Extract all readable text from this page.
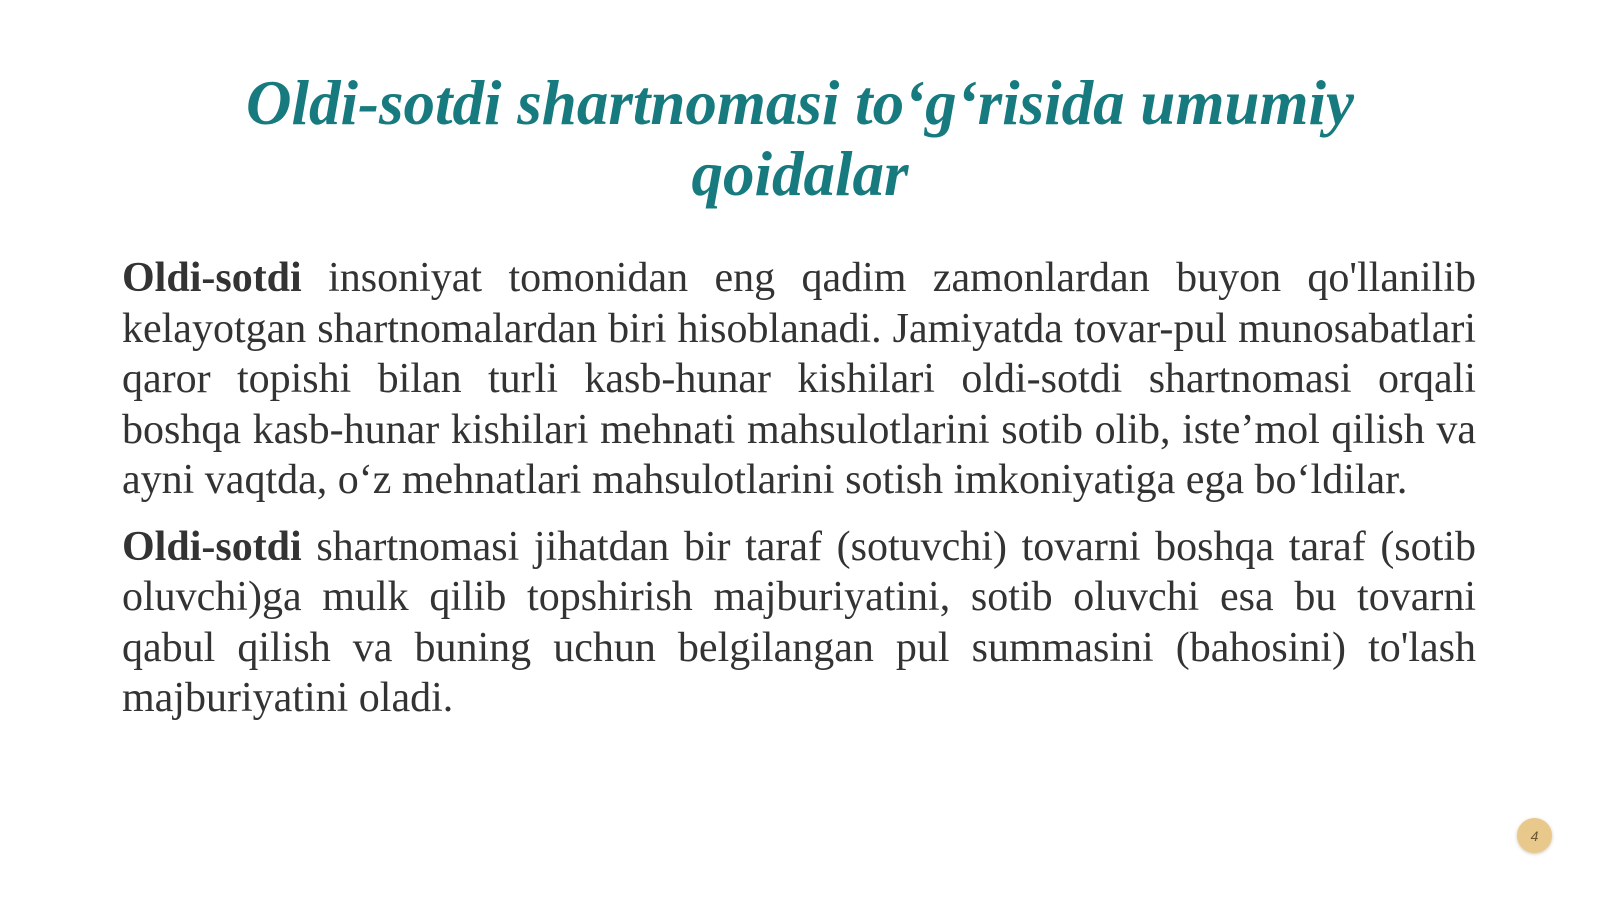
Oldi-sotdi shartnomasi to‘g‘risida umumiy qoidalar

Oldi-sotdi insoniyat tomonidan eng qadim zamonlardan buyon qo'llanilib kelayotgan shartnomalardan biri hisoblanadi. Jamiyatda tovar-pul munosabatlari qaror topishi bilan turli kasb-hunar kishilari oldi-sotdi shartnomasi orqali boshqa kasb-hunar kishilari mehnati mahsulotlarini sotib olib, iste’mol qilish va ayni vaqtda, o‘z mehnatlari mahsulotlarini sotish imkoniyatiga ega bo‘ldilar.

Oldi-sotdi shartnomasi jihatdan bir taraf (sotuvchi) tovarni boshqa taraf (sotib oluvchi)ga mulk qilib topshirish majburiyatini, sotib oluvchi esa bu tovarni qabul qilish va buning uchun belgilangan pul summasini (bahosini) to'lash majburiyatini oladi.

4
